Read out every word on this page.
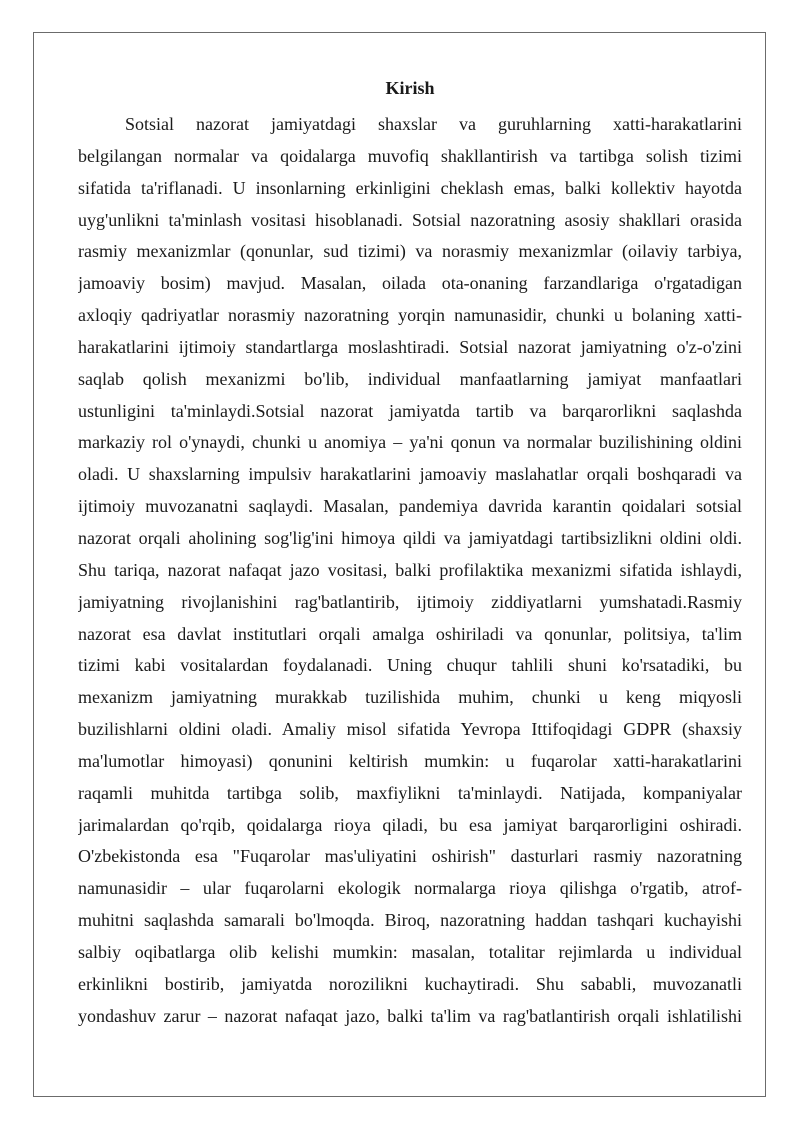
Kirish
Sotsial nazorat jamiyatdagi shaxslar va guruhlarning xatti-harakatlarini
belgilangan normalar va qoidalarga muvofiq shakllantirish va tartibga solish tizimi
sifatida ta'riflanadi. U insonlarning erkinligini cheklash emas, balki kollektiv hayotda
uyg'unlikni ta'minlash vositasi hisoblanadi. Sotsial nazoratning asosiy shakllari orasida
rasmiy mexanizmlar (qonunlar, sud tizimi) va norasmiy mexanizmlar (oilaviy tarbiya,
jamoaviy bosim) mavjud. Masalan, oilada ota-onaning farzandlariga o'rgatadigan
axloqiy qadriyatlar norasmiy nazoratning yorqin namunasidir, chunki u bolaning xatti-
harakatlarini ijtimoiy standartlarga moslashtiradi. Sotsial nazorat jamiyatning o'z-o'zini
saqlab qolish mexanizmi bo'lib, individual manfaatlarning jamiyat manfaatlari
ustunligini ta'minlaydi.Sotsial nazorat jamiyatda tartib va barqarorlikni saqlashda
markaziy rol o'ynaydi, chunki u anomiya – ya'ni qonun va normalar buzilishining oldini
oladi. U shaxslarning impulsiv harakatlarini jamoaviy maslahatlar orqali boshqaradi va
ijtimoiy muvozanatni saqlaydi. Masalan, pandemiya davrida karantin qoidalari sotsial
nazorat orqali aholining sog'lig'ini himoya qildi va jamiyatdagi tartibsizlikni oldini oldi.
Shu tariqa, nazorat nafaqat jazo vositasi, balki profilaktika mexanizmi sifatida ishlaydi,
jamiyatning rivojlanishini rag'batlantirib, ijtimoiy ziddiyatlarni yumshatadi.Rasmiy
nazorat esa davlat institutlari orqali amalga oshiriladi va qonunlar, politsiya, ta'lim
tizimi kabi vositalardan foydalanadi. Uning chuqur tahlili shuni ko'rsatadiki, bu
mexanizm jamiyatning murakkab tuzilishida muhim, chunki u keng miqyosli
buzilishlarni oldini oladi. Amaliy misol sifatida Yevropa Ittifoqidagi GDPR (shaxsiy
ma'lumotlar himoyasi) qonunini keltirish mumkin: u fuqarolar xatti-harakatlarini
raqamli muhitda tartibga solib, maxfiylikni ta'minlaydi. Natijada, kompaniyalar
jarimalardan qo'rqib, qoidalarga rioya qiladi, bu esa jamiyat barqarorligini oshiradi.
O'zbekistonda esa "Fuqarolar mas'uliyatini oshirish" dasturlari rasmiy nazoratning
namunasidir – ular fuqarolarni ekologik normalarga rioya qilishga o'rgatib, atrof-
muhitni saqlashda samarali bo'lmoqda. Biroq, nazoratning haddan tashqari kuchayishi
salbiy oqibatlarga olib kelishi mumkin: masalan, totalitar rejimlarda u individual
erkinlikni bostirib, jamiyatda norozilikni kuchaytiradi. Shu sababli, muvozanatli
yondashuv zarur – nazorat nafaqat jazo, balki ta'lim va rag'batlantirish orqali ishlatilishi
